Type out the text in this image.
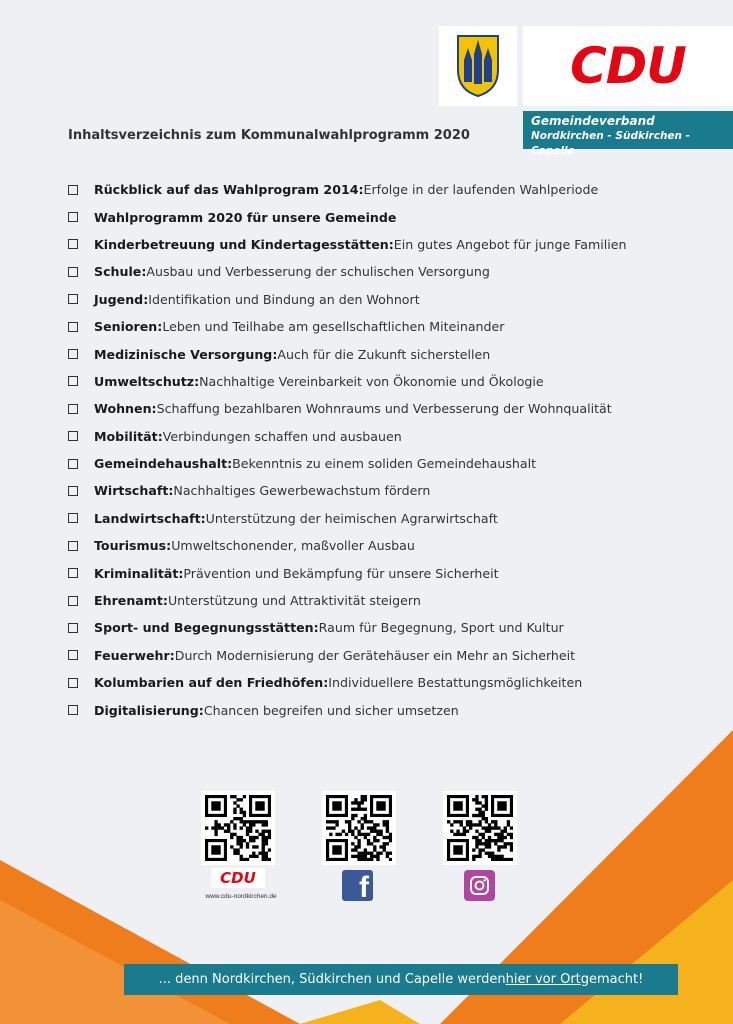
CDU
Gemeindeverband
Nordkirchen - Südkirchen - Capelle
Inhaltsverzeichnis zum Kommunalwahlprogramm 2020
Rückblick auf das Wahlprogram 2014: Erfolge in der laufenden Wahlperiode
Wahlprogramm 2020 für unsere Gemeinde
Kinderbetreuung und Kindertagesstätten: Ein gutes Angebot für junge Familien
Schule: Ausbau und Verbesserung der schulischen Versorgung
Jugend: Identifikation und Bindung an den Wohnort
Senioren: Leben und Teilhabe am gesellschaftlichen Miteinander
Medizinische Versorgung: Auch für die Zukunft sicherstellen
Umweltschutz: Nachhaltige Vereinbarkeit von Ökonomie und Ökologie
Wohnen: Schaffung bezahlbaren Wohnraums und Verbesserung der Wohnqualität
Mobilität: Verbindungen schaffen und ausbauen
Gemeindehaushalt: Bekenntnis zu einem soliden Gemeindehaushalt
Wirtschaft: Nachhaltiges Gewerbewachstum fördern
Landwirtschaft: Unterstützung der heimischen Agrarwirtschaft
Tourismus: Umweltschonender, maßvoller Ausbau
Kriminalität: Prävention und Bekämpfung für unsere Sicherheit
Ehrenamt: Unterstützung und Attraktivität steigern
Sport- und Begegnungsstätten: Raum für Begegnung, Sport und Kultur
Feuerwehr: Durch Modernisierung der Gerätehäuser ein Mehr an Sicherheit
Kolumbarien auf den Friedhöfen: Individuellere Bestattungsmöglichkeiten
Digitalisierung: Chancen begreifen und sicher umsetzen
CDU
www.cdu-nordkirchen.de	f
... denn Nordkirchen, Südkirchen und Capelle werden hier vor Ort gemacht!
